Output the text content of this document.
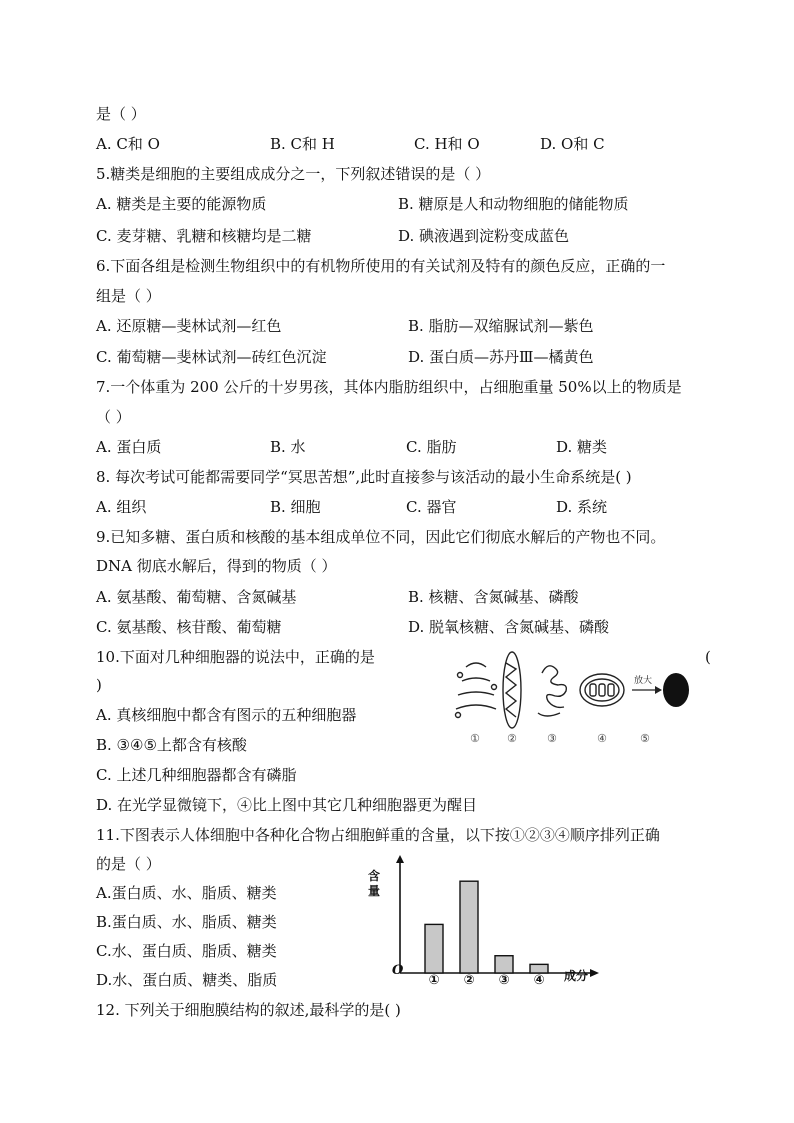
是（ ）
A. C和 O	B. C和 H	C. H和 O	D. O和 C
5.糖类是细胞的主要组成成分之一，下列叙述错误的是（ ）
A. 糖类是主要的能源物质	B. 糖原是人和动物细胞的储能物质
C. 麦芽糖、乳糖和核糖均是二糖	D. 碘液遇到淀粉变成蓝色
6.下面各组是检测生物组织中的有机物所使用的有关试剂及特有的颜色反应，正确的一
组是（ ）
A. 还原糖—斐林试剂—红色	B. 脂肪—双缩脲试剂—紫色
C. 葡萄糖—斐林试剂—砖红色沉淀	D. 蛋白质—苏丹Ⅲ—橘黄色
7.一个体重为 200 公斤的十岁男孩，其体内脂肪组织中，占细胞重量 50%以上的物质是
（ ）
A. 蛋白质	B. 水	C. 脂肪	D. 糖类
8. 每次考试可能都需要同学“冥思苦想”,此时直接参与该活动的最小生命系统是( )
A. 组织	B. 细胞	C. 器官	D. 系统
9.已知多糖、蛋白质和核酸的基本组成单位不同，因此它们彻底水解后的产物也不同。
DNA 彻底水解后，得到的物质（ ）
A. 氨基酸、葡萄糖、含氮碱基	B. 核糖、含氮碱基、磷酸
C. 氨基酸、核苷酸、葡萄糖	D. 脱氧核糖、含氮碱基、磷酸
10.下面对几种细胞器的说法中，正确的是	(
)
A. 真核细胞中都含有图示的五种细胞器
B. ③④⑤上都含有核酸
C. 上述几种细胞器都含有磷脂
D. 在光学显微镜下，④比上图中其它几种细胞器更为醒目
放大
① ②	③	④	⑤
11.下图表示人体细胞中各种化合物占细胞鲜重的含量，以下按①②③④顺序排列正确
的是（ ）
A.蛋白质、水、脂质、糖类
B.蛋白质、水、脂质、糖类
C.水、蛋白质、脂质、糖类
D.水、蛋白质、糖类、脂质	① ② ③ ④
含量
O	成分
12. 下列关于细胞膜结构的叙述,最科学的是( )
